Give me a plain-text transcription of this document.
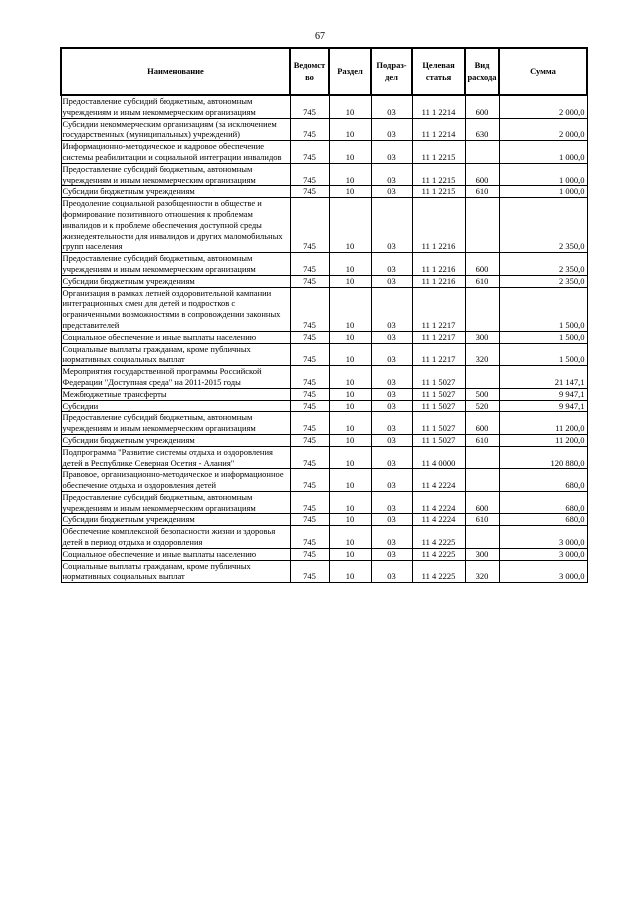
67
Наименование	Ведомст во	Раздел	Подраз- дел	Целевая статья	Вид расхода	Сумма
Предоставление субсидий бюджетным, автономным учреждениям и иным некоммерческим организациям	745	10	03	11 1 2214	600	2 000,0
Субсидии некоммерческим организациям (за исключением государственных (муниципальных) учреждений)	745	10	03	11 1 2214	630	2 000,0
Информационно-методическое и кадровое обеспечение системы реабилитации и социальной интеграции инвалидов	745	10	03	11 1 2215		1 000,0
Предоставление субсидий бюджетным, автономным учреждениям и иным некоммерческим организациям	745	10	03	11 1 2215	600	1 000,0
Субсидии бюджетным учреждениям	745	10	03	11 1 2215	610	1 000,0
Преодоление социальной разобщенности в обществе и формирование позитивного отношения к проблемам инвалидов и к проблеме обеспечения доступной среды жизнедеятельности для инвалидов и других маломобильных групп населения	745	10	03	11 1 2216		2 350,0
Предоставление субсидий бюджетным, автономным учреждениям и иным некоммерческим организациям	745	10	03	11 1 2216	600	2 350,0
Субсидии бюджетным учреждениям	745	10	03	11 1 2216	610	2 350,0
Организация в рамках летней оздоровительной кампании интеграционных смен для детей и подростков с ограниченными возможностями в сопровождении законных представителей	745	10	03	11 1 2217		1 500,0
Социальное обеспечение и иные выплаты населению	745	10	03	11 1 2217	300	1 500,0
Социальные выплаты гражданам, кроме публичных нормативных социальных выплат	745	10	03	11 1 2217	320	1 500,0
Мероприятия государственной программы Российской Федерации "Доступная среда" на 2011-2015 годы	745	10	03	11 1 5027		21 147,1
Межбюджетные трансферты	745	10	03	11 1 5027	500	9 947,1
Субсидии	745	10	03	11 1 5027	520	9 947,1
Предоставление субсидий бюджетным, автономным учреждениям и иным некоммерческим организациям	745	10	03	11 1 5027	600	11 200,0
Субсидии бюджетным учреждениям	745	10	03	11 1 5027	610	11 200,0
Подпрограмма "Развитие системы отдыха и оздоровления детей в Республике Северная Осетия - Алания"	745	10	03	11 4 0000		120 880,0
Правовое, организационно-методическое и информационное обеспечение отдыха и оздоровления детей	745	10	03	11 4 2224		680,0
Предоставление субсидий бюджетным, автономным учреждениям и иным некоммерческим организациям	745	10	03	11 4 2224	600	680,0
Субсидии бюджетным учреждениям	745	10	03	11 4 2224	610	680,0
Обеспечение комплексной безопасности жизни и здоровья детей в период отдыха и оздоровления	745	10	03	11 4 2225		3 000,0
Социальное обеспечение и иные выплаты населению	745	10	03	11 4 2225	300	3 000,0
Социальные выплаты гражданам, кроме публичных нормативных социальных выплат	745	10	03	11 4 2225	320	3 000,0
